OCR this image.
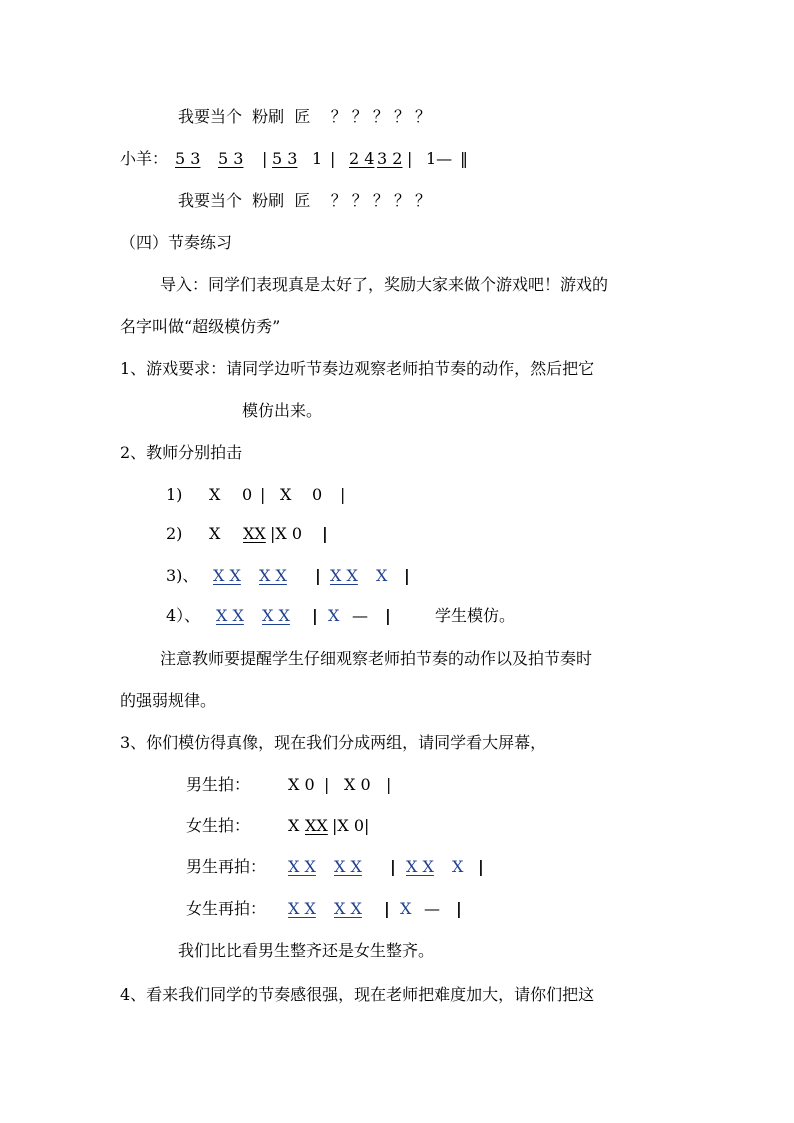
我要当个  粉刷  匠    ？ ？ ？ ？ ？
小羊： 5 3 5 3 | 5 3 1 | 2 4 3 2 | 1— ‖
我要当个  粉刷  匠    ？ ？ ？ ？ ？
（四）节奏练习
导入：同学们表现真是太好了，奖励大家来做个游戏吧！游戏的
名字叫做“超级模仿秀”
1、游戏要求：请同学边听节奏边观察老师拍节奏的动作，然后把它
模仿出来。
2、教师分别拍击
1) X 0 | X 0 |
2) X XX |X 0 |
3)、 X X X X | X X X |
4）、 X X X X | X — |	学生模仿。
注意教师要提醒学生仔细观察老师拍节奏的动作以及拍节奏时
的强弱规律。
3、你们模仿得真像，现在我们分成两组，请同学看大屏幕，
男生拍： X 0 | X 0 |
女生拍： X XX |X 0|
男生再拍： X X X X | X X X |
女生再拍： X X X X | X — |
我们比比看男生整齐还是女生整齐。
4、看来我们同学的节奏感很强，现在老师把难度加大，请你们把这
